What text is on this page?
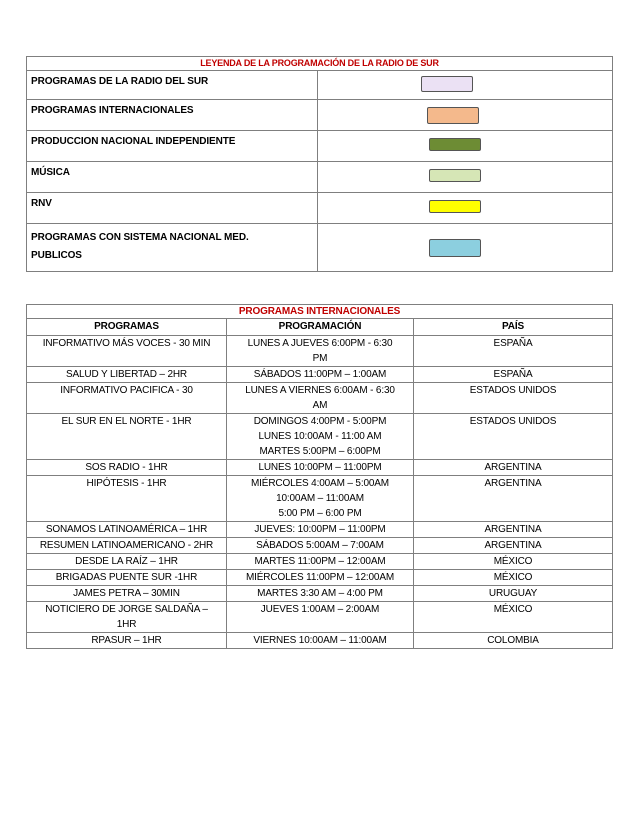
LEYENDA DE LA PROGRAMACIÓN DE LA RADIO DE SUR	
PROGRAMAS DE LA RADIO DEL SUR	

PROGRAMAS INTERNACIONALES	

PRODUCCION NACIONAL INDEPENDIENTE	

MÚSICA	

RNV	

PROGRAMAS CON SISTEMA NACIONAL MED.
PUBLICOS	

PROGRAMAS INTERNACIONALES		
PROGRAMAS	PROGRAMACIÓN	PAÍS

INFORMATIVO MÁS VOCES - 30 MIN	LUNES A JUEVES 6:00PM - 6:30
PM	ESPAÑA

SALUD Y LIBERTAD – 2HR	SÁBADOS 11:00PM – 1:00AM	ESPAÑA

INFORMATIVO PACIFICA - 30	LUNES A VIERNES 6:00AM - 6:30
AM	ESTADOS UNIDOS

EL SUR EN EL NORTE - 1HR	DOMINGOS 4:00PM - 5:00PM
LUNES 10:00AM - 11:00 AM
MARTES 5:00PM – 6:00PM	ESTADOS UNIDOS

SOS RADIO - 1HR	LUNES 10:00PM – 11:00PM	ARGENTINA

HIPÓTESIS - 1HR	MIÉRCOLES 4:00AM – 5:00AM
10:00AM – 11:00AM
5:00 PM – 6:00 PM	ARGENTINA

SONAMOS LATINOAMÉRICA – 1HR	JUEVES: 10:00PM – 11:00PM	ARGENTINA

RESUMEN LATINOAMERICANO - 2HR	SÁBADOS 5:00AM – 7:00AM	ARGENTINA

DESDE LA RAÍZ – 1HR	MARTES 11:00PM – 12:00AM	MÉXICO

BRIGADAS PUENTE SUR -1HR	MIÉRCOLES 11:00PM – 12:00AM	MÉXICO

JAMES PETRA – 30MIN	MARTES 3:30 AM – 4:00 PM	URUGUAY

NOTICIERO DE JORGE SALDAÑA –
1HR	JUEVES 1:00AM – 2:00AM	MÉXICO

RPASUR – 1HR	VIERNES 10:00AM – 11:00AM	COLOMBIA
